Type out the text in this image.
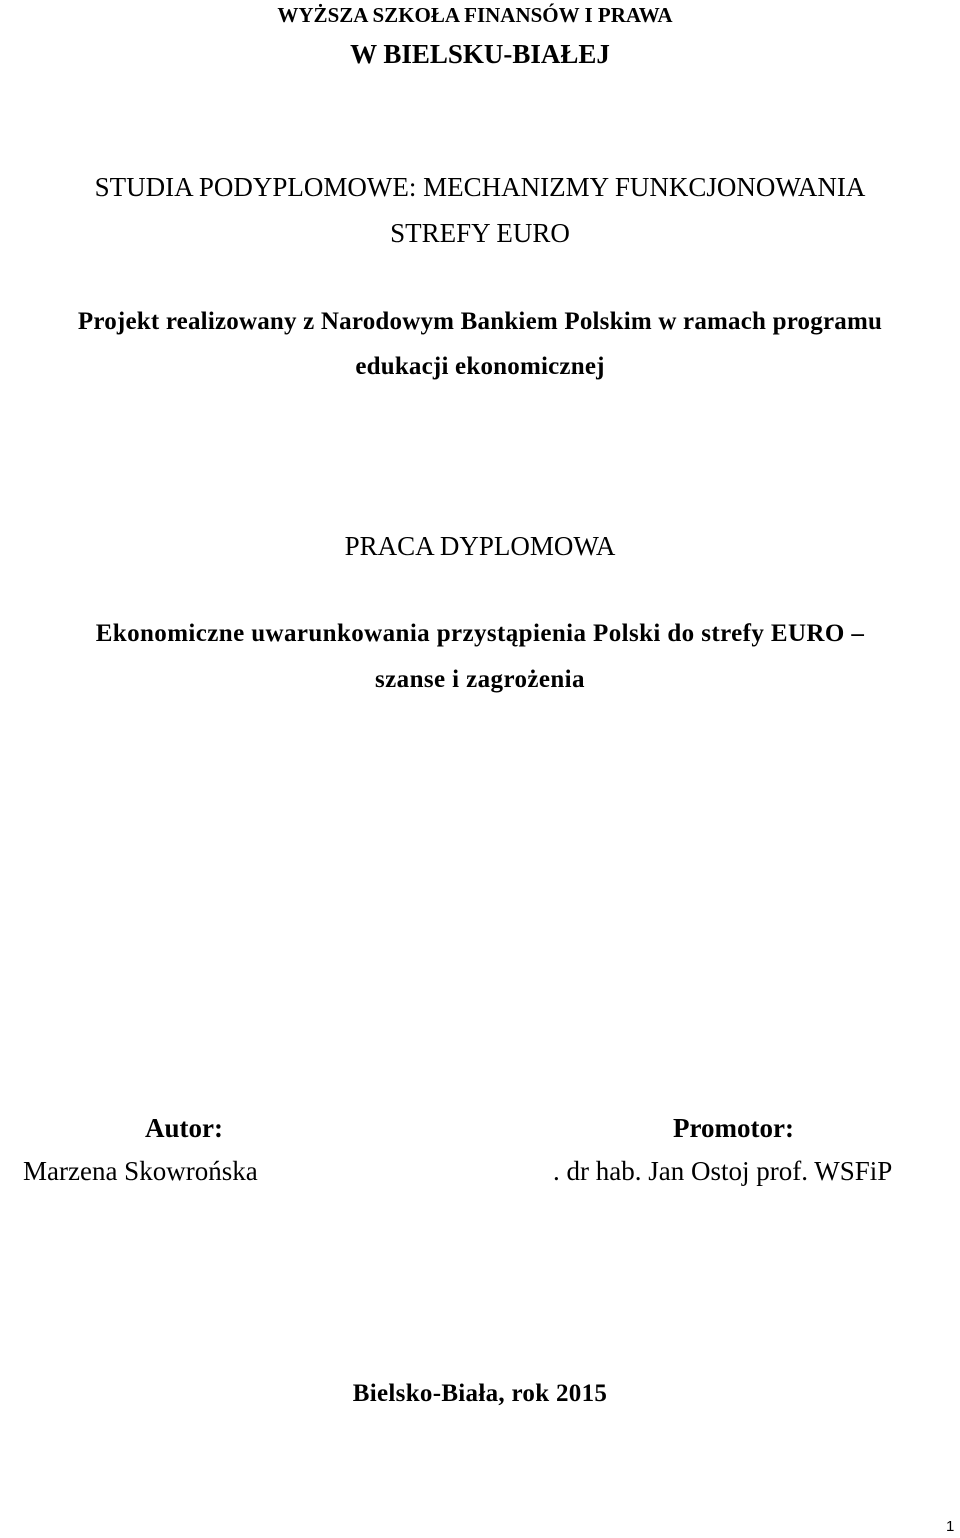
WYŻSZA SZKOŁA FINANSÓW I PRAWA
W BIELSKU-BIAŁEJ
STUDIA PODYPLOMOWE: MECHANIZMY FUNKCJONOWANIA
STREFY EURO
Projekt realizowany z Narodowym Bankiem Polskim w ramach programu
edukacji ekonomicznej
PRACA DYPLOMOWA
Ekonomiczne uwarunkowania przystąpienia Polski do strefy EURO –
szanse i zagrożenia
Autor:
Marzena Skowrońska
Promotor:
. dr hab. Jan Ostoj prof. WSFiP
Bielsko-Biała, rok 2015
1
